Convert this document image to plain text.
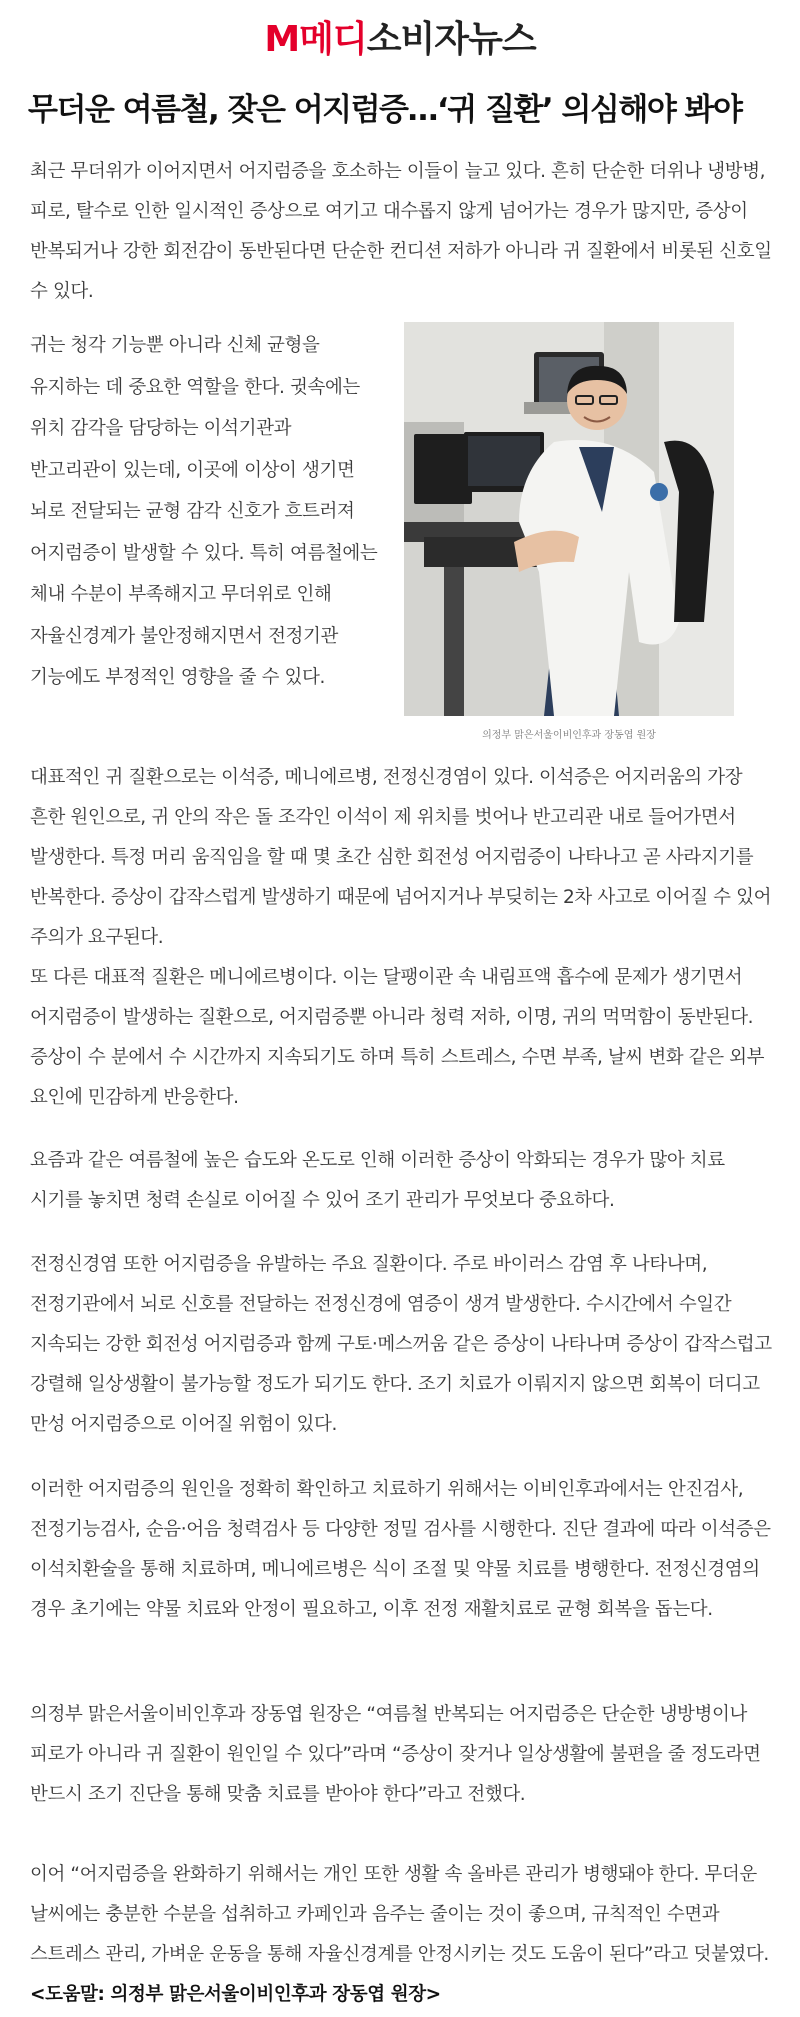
M메디소비자뉴스
무더운 여름철, 잦은 어지럼증…‘귀 질환’ 의심해야 봐야

최근 무더위가 이어지면서 어지럼증을 호소하는 이들이 늘고 있다. 흔히 단순한 더위나 냉방병, 피로, 탈수로 인한 일시적인 증상으로 여기고 대수롭지 않게 넘어가는 경우가 많지만, 증상이 반복되거나 강한 회전감이 동반된다면 단순한 컨디션 저하가 아니라 귀 질환에서 비롯된 신호일 수 있다.

귀는 청각 기능뿐 아니라 신체 균형을 유지하는 데 중요한 역할을 한다. 귓속에는 위치 감각을 담당하는 이석기관과 반고리관이 있는데, 이곳에 이상이 생기면 뇌로 전달되는 균형 감각 신호가 흐트러져 어지럼증이 발생할 수 있다. 특히 여름철에는 체내 수분이 부족해지고 무더위로 인해 자율신경계가 불안정해지면서 전정기관 기능에도 부정적인 영향을 줄 수 있다.

의정부 맑은서울이비인후과 장동엽 원장

대표적인 귀 질환으로는 이석증, 메니에르병, 전정신경염이 있다. 이석증은 어지러움의 가장 흔한 원인으로, 귀 안의 작은 돌 조각인 이석이 제 위치를 벗어나 반고리관 내로 들어가면서 발생한다. 특정 머리 움직임을 할 때 몇 초간 심한 회전성 어지럼증이 나타나고 곧 사라지기를 반복한다. 증상이 갑작스럽게 발생하기 때문에 넘어지거나 부딪히는 2차 사고로 이어질 수 있어 주의가 요구된다.

또 다른 대표적 질환은 메니에르병이다. 이는 달팽이관 속 내림프액 흡수에 문제가 생기면서 어지럼증이 발생하는 질환으로, 어지럼증뿐 아니라 청력 저하, 이명, 귀의 먹먹함이 동반된다. 증상이 수 분에서 수 시간까지 지속되기도 하며 특히 스트레스, 수면 부족, 날씨 변화 같은 외부 요인에 민감하게 반응한다.

요즘과 같은 여름철에 높은 습도와 온도로 인해 이러한 증상이 악화되는 경우가 많아 치료 시기를 놓치면 청력 손실로 이어질 수 있어 조기 관리가 무엇보다 중요하다.

전정신경염 또한 어지럼증을 유발하는 주요 질환이다. 주로 바이러스 감염 후 나타나며, 전정기관에서 뇌로 신호를 전달하는 전정신경에 염증이 생겨 발생한다. 수시간에서 수일간 지속되는 강한 회전성 어지럼증과 함께 구토·메스꺼움 같은 증상이 나타나며 증상이 갑작스럽고 강렬해 일상생활이 불가능할 정도가 되기도 한다. 조기 치료가 이뤄지지 않으면 회복이 더디고 만성 어지럼증으로 이어질 위험이 있다.

이러한 어지럼증의 원인을 정확히 확인하고 치료하기 위해서는 이비인후과에서는 안진검사, 전정기능검사, 순음·어음 청력검사 등 다양한 정밀 검사를 시행한다. 진단 결과에 따라 이석증은 이석치환술을 통해 치료하며, 메니에르병은 식이 조절 및 약물 치료를 병행한다. 전정신경염의 경우 초기에는 약물 치료와 안정이 필요하고, 이후 전정 재활치료로 균형 회복을 돕는다.

의정부 맑은서울이비인후과 장동엽 원장은 “여름철 반복되는 어지럼증은 단순한 냉방병이나 피로가 아니라 귀 질환이 원인일 수 있다”라며 “증상이 잦거나 일상생활에 불편을 줄 정도라면 반드시 조기 진단을 통해 맞춤 치료를 받아야 한다”라고 전했다.

이어 “어지럼증을 완화하기 위해서는 개인 또한 생활 속 올바른 관리가 병행돼야 한다. 무더운 날씨에는 충분한 수분을 섭취하고 카페인과 음주는 줄이는 것이 좋으며, 규칙적인 수면과 스트레스 관리, 가벼운 운동을 통해 자율신경계를 안정시키는 것도 도움이 된다”라고 덧붙였다.<도움말: 의정부 맑은서울이비인후과 장동엽 원장>
